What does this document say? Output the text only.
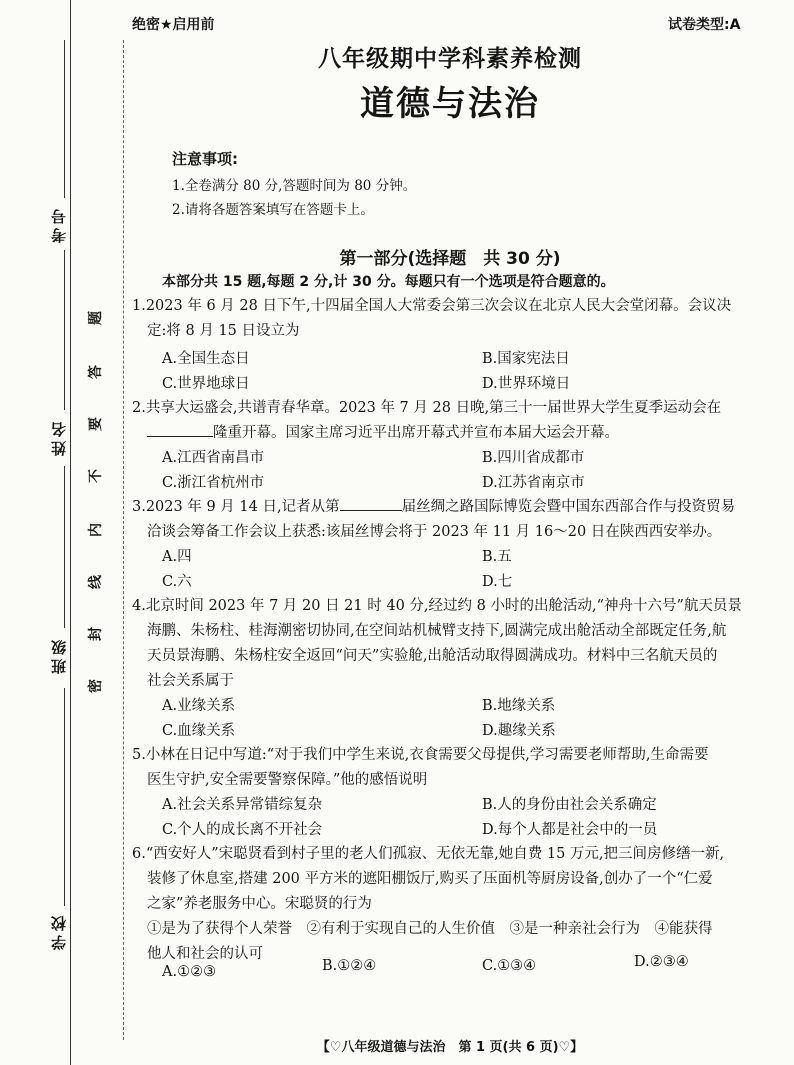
考号
姓名
班级
学校
题
答
要
不
内
线
封
密
绝密★启用前	试卷类型:A
八年级期中学科素养检测
道德与法治
注意事项:
1.全卷满分 80 分,答题时间为 80 分钟。
2.请将各题答案填写在答题卡上。
第一部分(选择题　共 30 分)
本部分共 15 题,每题 2 分,计 30 分。每题只有一个选项是符合题意的。
1.2023 年 6 月 28 日下午,十四届全国人大常委会第三次会议在北京人民大会堂闭幕。会议决
定:将 8 月 15 日设立为
A.全国生态日	B.国家宪法日
C.世界地球日	D.世界环境日
2.共享大运盛会,共谱青春华章。2023 年 7 月 28 日晚,第三十一届世界大学生夏季运动会在
隆重开幕。国家主席习近平出席开幕式并宣布本届大运会开幕。
A.江西省南昌市	B.四川省成都市
C.浙江省杭州市	D.江苏省南京市
3.2023 年 9 月 14 日,记者从第	届丝绸之路国际博览会暨中国东西部合作与投资贸易
洽谈会筹备工作会议上获悉:该届丝博会将于 2023 年 11 月 16～20 日在陕西西安举办。
A.四	B.五
C.六	D.七
4.北京时间 2023 年 7 月 20 日 21 时 40 分,经过约 8 小时的出舱活动,“神舟十六号”航天员景
海鹏、朱杨柱、桂海潮密切协同,在空间站机械臂支持下,圆满完成出舱活动全部既定任务,航
天员景海鹏、朱杨柱安全返回“问天”实验舱,出舱活动取得圆满成功。材料中三名航天员的
社会关系属于
A.业缘关系	B.地缘关系
C.血缘关系	D.趣缘关系
5.小林在日记中写道:“对于我们中学生来说,衣食需要父母提供,学习需要老师帮助,生命需要
医生守护,安全需要警察保障。”他的感悟说明
A.社会关系异常错综复杂	B.人的身份由社会关系确定
C.个人的成长离不开社会	D.每个人都是社会中的一员
6.“西安好人”宋聪贤看到村子里的老人们孤寂、无依无靠,她自费 15 万元,把三间房修缮一新,
装修了休息室,搭建 200 平方米的遮阳棚饭厅,购买了压面机等厨房设备,创办了一个“仁爱
之家”养老服务中心。宋聪贤的行为
①是为了获得个人荣誉　②有利于实现自己的人生价值　③是一种亲社会行为　④能获得
他人和社会的认可
A.①②③	B.①②④	C.①③④	D.②③④
【♡八年级道德与法治　第 1 页(共 6 页)♡】
